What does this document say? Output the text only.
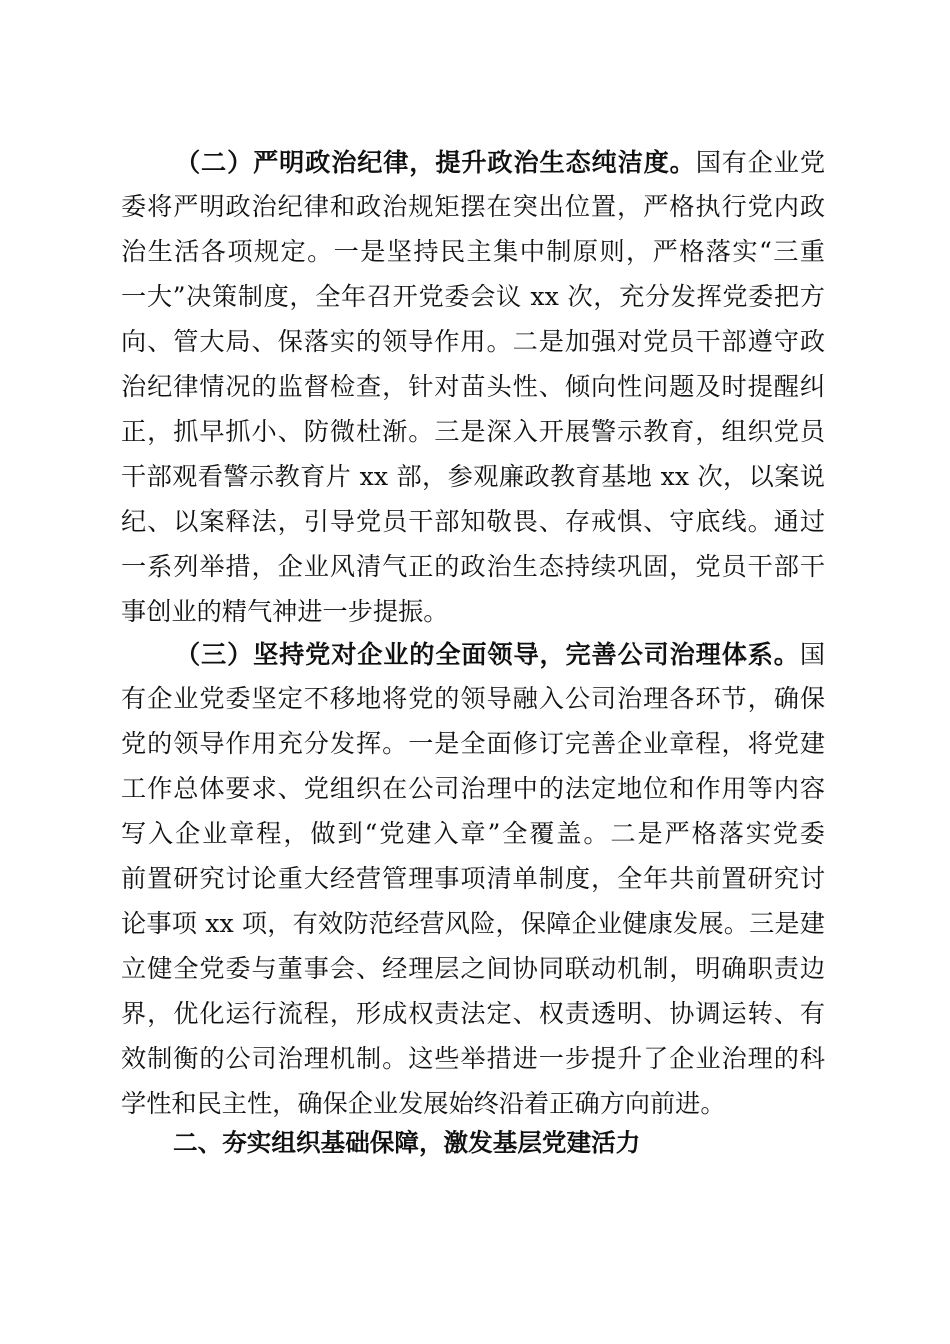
（二）严明政治纪律，提升政治生态纯洁度。国有企业党
委将严明政治纪律和政治规矩摆在突出位置，严格执行党内政
治生活各项规定。一是坚持民主集中制原则，严格落实“三重
一大”决策制度，全年召开党委会议 xx 次，充分发挥党委把方
向、管大局、保落实的领导作用。二是加强对党员干部遵守政
治纪律情况的监督检查，针对苗头性、倾向性问题及时提醒纠
正，抓早抓小、防微杜渐。三是深入开展警示教育，组织党员
干部观看警示教育片 xx 部，参观廉政教育基地 xx 次，以案说
纪、以案释法，引导党员干部知敬畏、存戒惧、守底线。通过
一系列举措，企业风清气正的政治生态持续巩固，党员干部干
事创业的精气神进一步提振。
（三）坚持党对企业的全面领导，完善公司治理体系。国
有企业党委坚定不移地将党的领导融入公司治理各环节，确保
党的领导作用充分发挥。一是全面修订完善企业章程，将党建
工作总体要求、党组织在公司治理中的法定地位和作用等内容
写入企业章程，做到“党建入章”全覆盖。二是严格落实党委
前置研究讨论重大经营管理事项清单制度，全年共前置研究讨
论事项 xx 项，有效防范经营风险，保障企业健康发展。三是建
立健全党委与董事会、经理层之间协同联动机制，明确职责边
界，优化运行流程，形成权责法定、权责透明、协调运转、有
效制衡的公司治理机制。这些举措进一步提升了企业治理的科
学性和民主性，确保企业发展始终沿着正确方向前进。
二、夯实组织基础保障，激发基层党建活力
